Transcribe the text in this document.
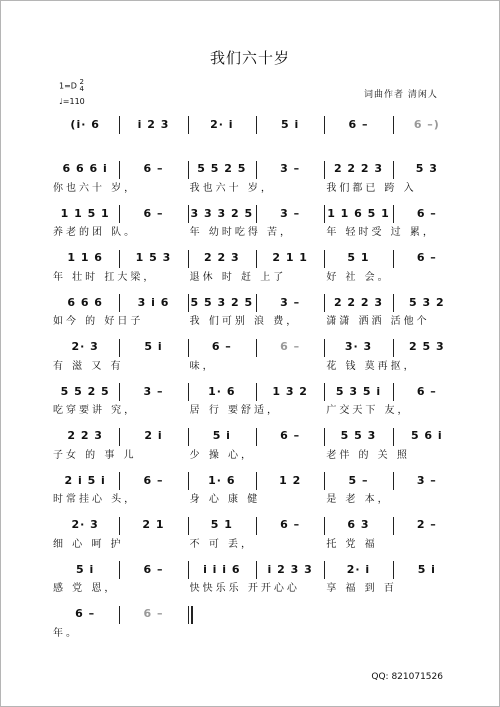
我们六十岁
1=D 2
4
♩=110
词曲作者 清闲人
(i· 6	i 2 3	2· i	5 i	6 –	6 –)
6 6 6 i	6 –	5 5 2 5	3 –	2 2 2 3	5 3
你也六十 岁，	我也六十 岁，	我们都已 跨 入
1 1 5 1	6 –	3 3 3 2 5	3 –	1 1 6 5 1	6 –
养老的团 队。	年 幼时吃得 苦，	年 轻时受 过 累，
1 1 6	1 5 3	2 2 3	2 1 1	5 1	6 –
年 壮时 扛大梁，	退休 时 赶 上了	好 社 会。
6 6 6	3 i 6	5 5 3 2 5	3 –	2 2 2 3	5 3 2
如今 的 好日子	我 们可别 浪 费，	潇潇 洒洒 活他个
2· 3	5 i	6 –	6 –	3· 3	2 5 3
有 滋 又 有	味，	花 钱 莫再抠，
5 5 2 5	3 –	1· 6	1 3 2	5 3 5 i	6 –
吃穿要讲 究，	居 行 要舒适，	广交天下 友，
2 2 3	2 i	5 i	6 –	5 5 3	5 6 i
子女 的 事 儿	少 操 心，	老伴 的 关 照
2 i 5 i	6 –	1· 6	1 2	5 –	3 –
时常挂心 头，	身 心 康 健	是 老 本，
2· 3	2 1	5 1	6 –	6 3	2 –
细 心 呵 护	不 可 丢，	托 党 福
5 i	6 –	i i i 6	i 2 3 3	2· i	5 i
感 党 恩，	快快乐乐 开开心心	享 福 到 百
6 –	6 –
年。
QQ: 821071526
